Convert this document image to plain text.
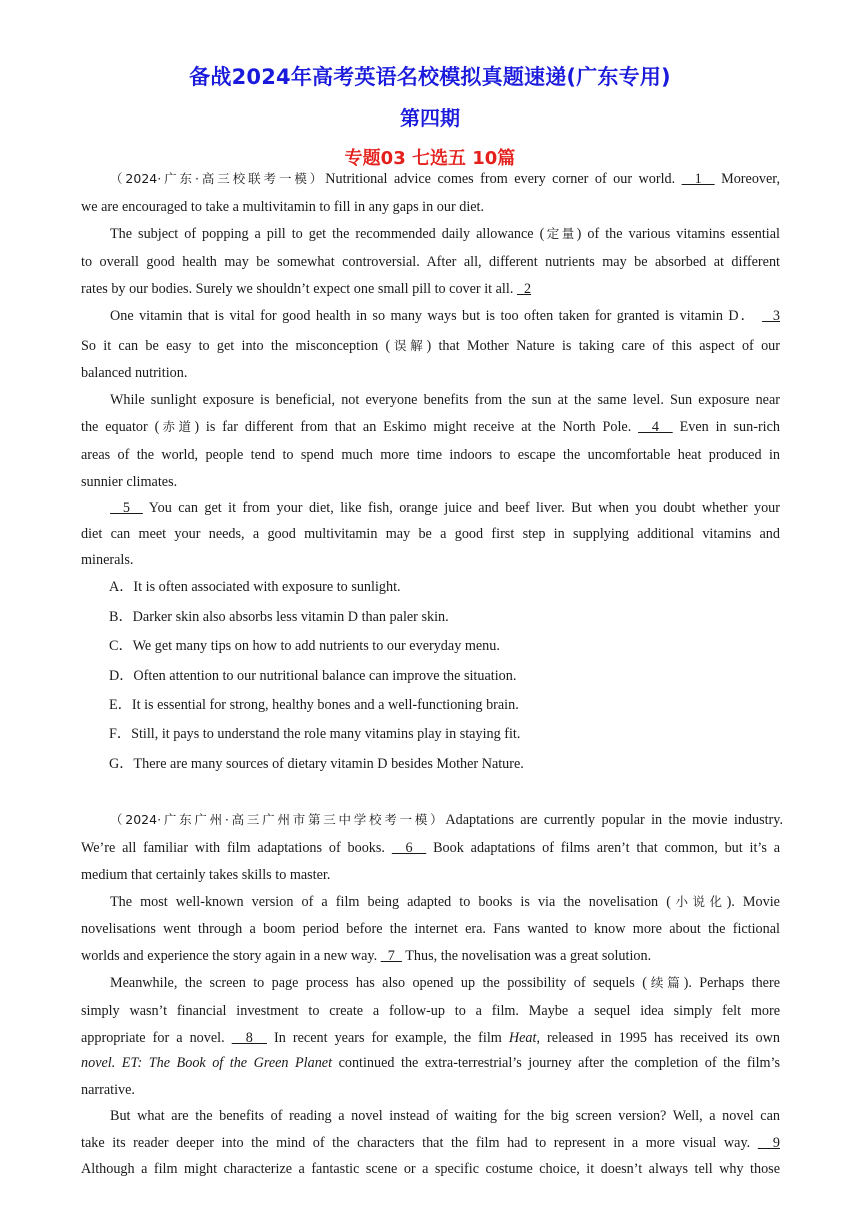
备战2024年高考英语名校模拟真题速递(广东专用)
第四期
专题03 七选五 10篇
（2024·广东·高三校联考一模）Nutritional advice comes from every corner of our world.   1   Moreover,
we are encouraged to take a multivitamin to fill in any gaps in our diet.
The subject of popping a pill to get the recommended daily allowance (定量) of the various vitamins essential
to overall good health may be somewhat controversial. After all, different nutrients may be absorbed at different
rates by our bodies. Surely we shouldn’t expect one small pill to cover it all.   2
One vitamin that is vital for good health in so many ways but is too often taken for granted is vitamin D．   3
So it can be easy to get into the misconception (误解) that Mother Nature is taking care of this aspect of our
balanced nutrition.
While sunlight exposure is beneficial, not everyone benefits from the sun at the same level. Sun exposure near
the equator (赤道) is far different from that an Eskimo might receive at the North Pole.   4   Even in sun-rich
areas of the world, people tend to spend much more time indoors to escape the uncomfortable heat produced in
sunnier climates.
5   You can get it from your diet, like fish, orange juice and beef liver. But when you doubt whether your
diet can meet your needs, a good multivitamin may be a good first step in supplying additional vitamins and
minerals.
A．It is often associated with exposure to sunlight.
B．Darker skin also absorbs less vitamin D than paler skin.
C．We get many tips on how to add nutrients to our everyday menu.
D．Often attention to our nutritional balance can improve the situation.
E．It is essential for strong, healthy bones and a well-functioning brain.
F．Still, it pays to understand the role many vitamins play in staying fit.
G．There are many sources of dietary vitamin D besides Mother Nature.
（2024·广东广州·高三广州市第三中学校考一模）Adaptations are currently popular in the movie industry.
We’re all familiar with film adaptations of books.   6   Book adaptations of films aren’t that common, but it’s a
medium that certainly takes skills to master.
The most well-known version of a film being adapted to books is via the novelisation (小说化). Movie
novelisations went through a boom period before the internet era. Fans wanted to know more about the fictional
worlds and experience the story again in a new way.   7   Thus, the novelisation was a great solution.
Meanwhile, the screen to page process has also opened up the possibility of sequels (续篇). Perhaps there
simply wasn’t financial investment to create a follow-up to a film. Maybe a sequel idea simply felt more
appropriate for a novel.   8   In recent years for example, the film Heat, released in 1995 has received its own
novel. ET: The Book of the Green Planet continued the extra-terrestrial’s journey after the completion of the film’s
narrative.
But what are the benefits of reading a novel instead of waiting for the big screen version? Well, a novel can
take its reader deeper into the mind of the characters that the film had to represent in a more visual way.   9
Although a film might characterize a fantastic scene or a specific costume choice, it doesn’t always tell why those
